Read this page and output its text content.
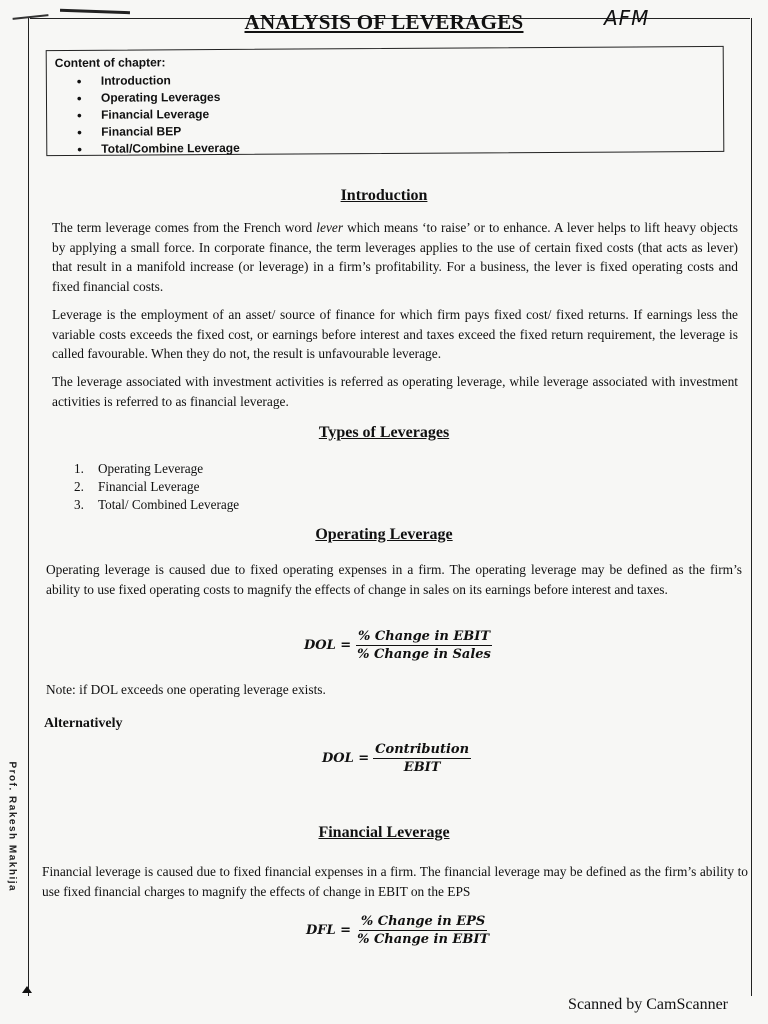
ANALYSIS OF LEVERAGES	AFM
Content of chapter:
• Introduction
• Operating Leverages
• Financial Leverage
• Financial BEP
• Total/Combine Leverage
Introduction

The term leverage comes from the French word lever which means ‘to raise’ or to enhance. A lever helps to lift heavy objects by applying a small force. In corporate finance, the term leverages applies to the use of certain fixed costs (that acts as lever) that result in a manifold increase (or leverage) in a firm’s profitability. For a business, the lever is fixed operating costs and fixed financial costs.

Leverage is the employment of an asset/ source of finance for which firm pays fixed cost/ fixed returns. If earnings less the variable costs exceeds the fixed cost, or earnings before interest and taxes exceed the fixed return requirement, the leverage is called favourable. When they do not, the result is unfavourable leverage.

The leverage associated with investment activities is referred as operating leverage, while leverage associated with investment activities is referred to as financial leverage.

Types of Leverages
1. Operating Leverage
2. Financial Leverage
3. Total/ Combined Leverage
Operating Leverage

Operating leverage is caused due to fixed operating expenses in a firm. The operating leverage may be defined as the firm’s ability to use fixed operating costs to magnify the effects of change in sales on its earnings before interest and taxes.

DOL = $\frac{\text{\% Change in EBIT}}{\text{\% Change in Sales}}$
Note: if DOL exceeds one operating leverage exists.
Alternatively
DOL = $\frac{\text{Contribution}}{\text{EBIT}}$
Financial Leverage

Financial leverage is caused due to fixed financial expenses in a firm. The financial leverage may be defined as the firm’s ability to use fixed financial charges to magnify the effects of change in EBIT on the EPS

DFL = $\frac{\text{\% Change in EPS}}{\text{\% Change in EBIT}}$
Prof. Rakesh Makhija
Scanned by CamScanner
